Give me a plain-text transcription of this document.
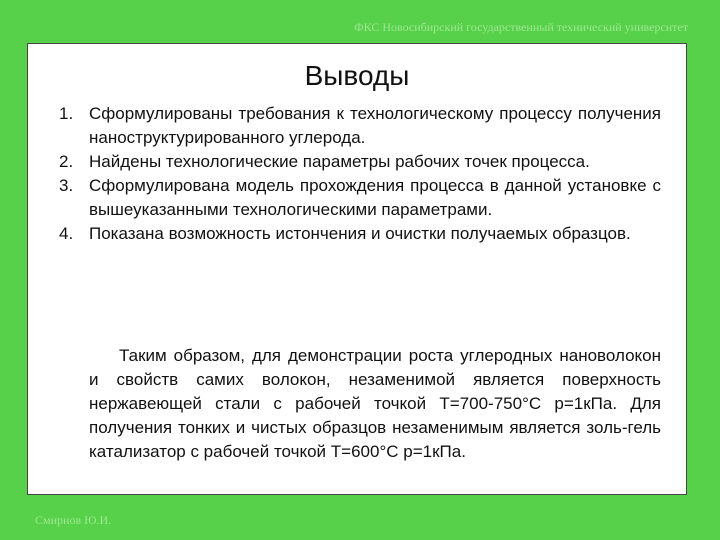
ФКС Новосибирский государственный технический университет
Выводы
1. Сформулированы требования к технологическому процессу получения наноструктурированного углерода.
2. Найдены технологические параметры рабочих точек процесса.
3. Сформулирована модель прохождения процесса в данной установке с вышеуказанными технологическими параметрами.
4. Показана возможность истончения и очистки получаемых образцов.

Таким образом, для демонстрации роста углеродных нановолокон и свойств самих волокон, незаменимой является поверхность нержавеющей стали с рабочей точкой Т=700-750°С р=1кПа. Для получения тонких и чистых образцов незаменимым является золь-гель катализатор с рабочей точкой Т=600°С р=1кПа.

Смирнов Ю.И.
